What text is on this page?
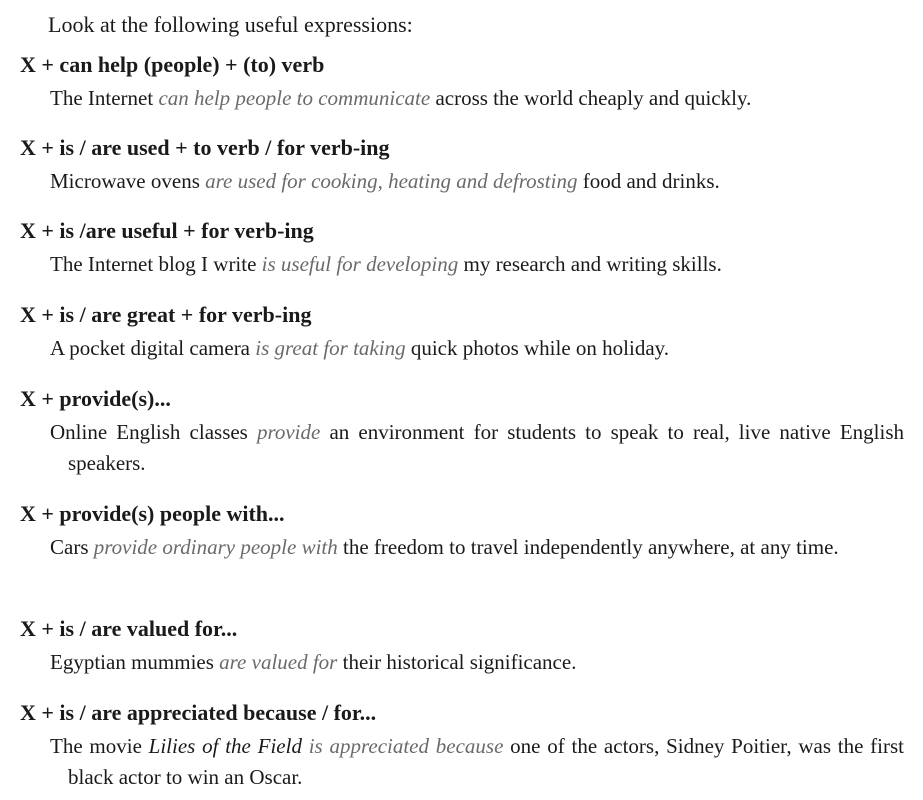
Look at the following useful expressions:
X + can help (people) + (to) verb
The Internet can help people to communicate across the world cheaply and quickly.
X + is / are used + to verb / for verb-ing
Microwave ovens are used for cooking, heating and defrosting food and drinks.
X + is /are useful + for verb-ing
The Internet blog I write is useful for developing my research and writing skills.
X + is / are great + for verb-ing
A pocket digital camera is great for taking quick photos while on holiday.
X + provide(s)...
Online English classes provide an environment for students to speak to real, live native English speakers.
X + provide(s) people with...
Cars provide ordinary people with the freedom to travel independently anywhere, at any time.
X + is / are valued for...
Egyptian mummies are valued for their historical significance.
X + is / are appreciated because / for...
The movie Lilies of the Field is appreciated because one of the actors, Sidney Poitier, was the first black actor to win an Oscar.
